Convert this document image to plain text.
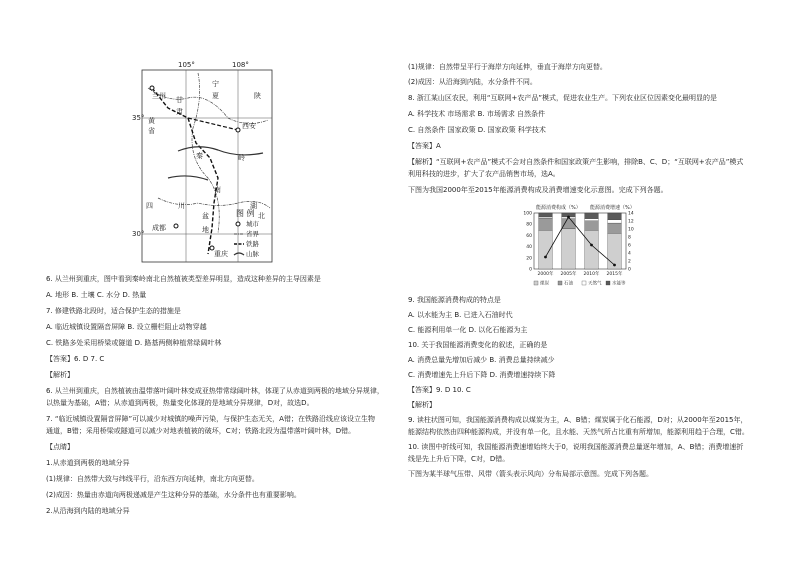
105°	108°
35°
30°
兰州
宁
夏	陕
西安
黄
甘
秦	岭
四	川
成都
湖
北
重庆
肃
省
盆
地
南
图 例
城市
省界
铁路
山脉
6. 从兰州到重庆，图中看到秦岭南北自然植被类型差异明显，造成这种差异的主导因素是
A. 地形 B. 土壤 C. 水分 D. 热量
7. 修建铁路北段时，适合保护生态的措施是
A. 临近城镇设置隔音屏障 B. 设立栅栏阻止动物穿越
C. 铁路多处采用桥梁或隧道 D. 路基两侧种植常绿阔叶林
【答案】6. D 7. C
【解析】
6. 从兰州到重庆，自然植被由温带落叶阔叶林变成亚热带常绿阔叶林，体现了从赤道到两极的地域分异规律，
以热量为基础，A错；从赤道到两极，热量变化体现的是地域分异规律，D对，故选D。
7. “临近城镇设置隔音屏障”可以减少对城镇的噪声污染，与保护生态无关，A错；在铁路沿线应该设立生物
通道，B错；采用桥梁或隧道可以减少对地表植被的破坏，C对；铁路北段为温带落叶阔叶林，D错。
【点睛】
1.从赤道到两极的地域分异
(1)规律：自然带大致与纬线平行，沿东西方向延伸，南北方向更替。
(2)成因：热量由赤道向两极递减是产生这种分异的基础，水分条件也有重要影响。
2.从沿海到内陆的地域分异
(1)规律：自然带呈平行于海岸方向延伸，垂直于海岸方向更替。
(2)成因：从沿海到内陆，水分条件不同。
8. 浙江某山区农民，利用“互联网+农产品”模式，促进农业生产。下列农业区位因素变化最明显的是
A. 科学技术 市场需求 B. 市场需求 自然条件
C. 自然条件 国家政策 D. 国家政策 科学技术
【答案】A
【解析】“互联网+农产品”模式不会对自然条件和国家政策产生影响，排除B、C、D；“互联网+农产品”模式
利用科技的进步，扩大了农产品销售市场，选A。
下图为我国2000年至2015年能源消费构成及消费增速变化示意图。完成下列各题。
能源消费构成（%） 能源消费增速（%）
0
20
40
60
80
100
0
2
4
6
8
10
12
14
2000年 2005年 2010年 2015年
煤炭	石油	天然气 水能等
9. 我国能源消费构成的特点是
A. 以水能为主 B. 已进入石油时代
C. 能源利用单一化 D. 以化石能源为主
10. 关于我国能源消费变化的叙述，正确的是
A. 消费总量先增加后减少 B. 消费总量持续减少
C. 消费增速先上升后下降 D. 消费增速持续下降
【答案】9. D 10. C
【解析】
9. 读柱状图可知，我国能源消费构成以煤炭为主，A、B错；煤炭属于化石能源，D对；从2000年至2015年，
能源结构依然由四种能源构成，并没有单一化，且水能、天然气所占比重有所增加，能源利用趋于合理，C错。
10. 读图中折线可知，我国能源消费速增始终大于0，说明我国能源消费总量逐年增加，A、B错；消费增速折
线是先上升后下降，C对，D错。
下图为某半球气压带、风带（箭头表示风向）分布局部示意图。完成下列各题。
